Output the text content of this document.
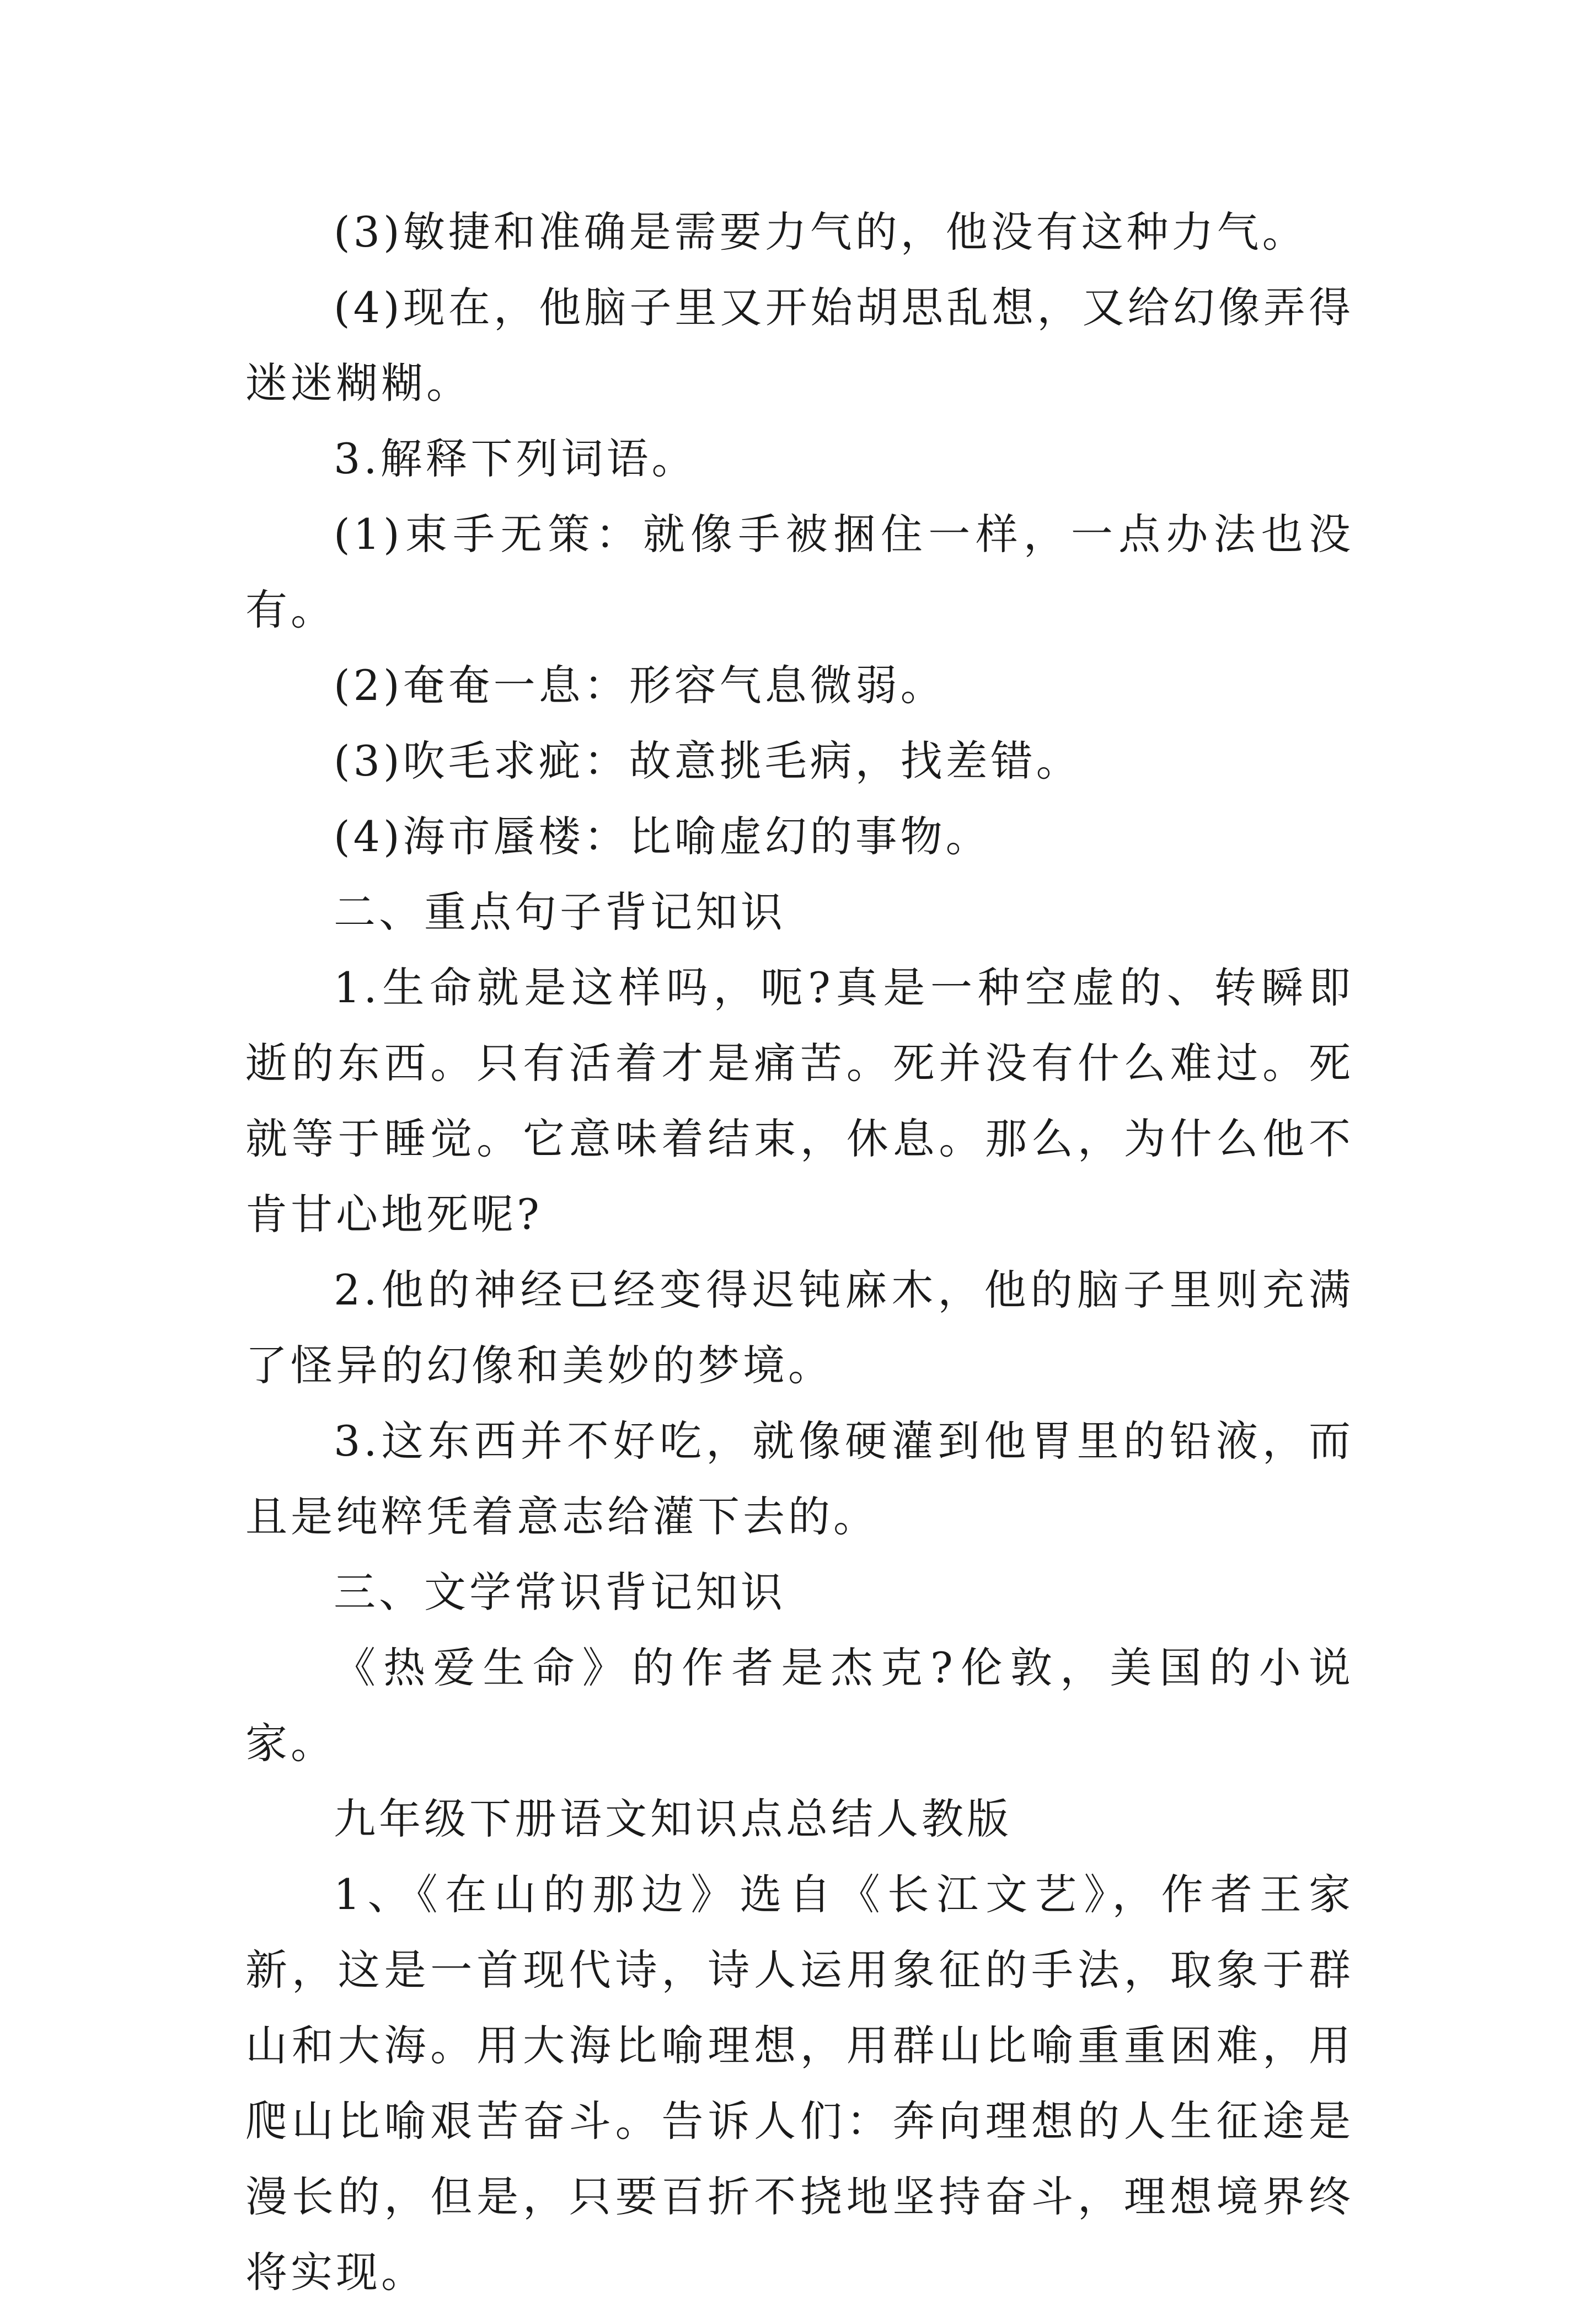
(3)敏捷和准确是需要力气的，他没有这种力气。

(4)现在，他脑子里又开始胡思乱想，又给幻像弄得迷迷糊糊。

3.解释下列词语。

(1)束手无策：就像手被捆住一样，一点办法也没有。

(2)奄奄一息：形容气息微弱。

(3)吹毛求疵：故意挑毛病，找差错。

(4)海市蜃楼：比喻虚幻的事物。

二、重点句子背记知识

1.生命就是这样吗，呃?真是一种空虚的、转瞬即逝的东西。只有活着才是痛苦。死并没有什么难过。死就等于睡觉。它意味着结束，休息。那么，为什么他不肯甘心地死呢?

2.他的神经已经变得迟钝麻木，他的脑子里则充满了怪异的幻像和美妙的梦境。

3.这东西并不好吃，就像硬灌到他胃里的铅液，而且是纯粹凭着意志给灌下去的。

三、文学常识背记知识

《热爱生命》的作者是杰克?伦敦，美国的小说家。

九年级下册语文知识点总结人教版

1、《在山的那边》选自《长江文艺》，作者王家新，这是一首现代诗，诗人运用象征的手法，取象于群山和大海。用大海比喻理想，用群山比喻重重困难，用爬山比喻艰苦奋斗。告诉人们：奔向理想的人生征途是漫长的，但是，只要百折不挠地坚持奋斗，理想境界终将实现。
